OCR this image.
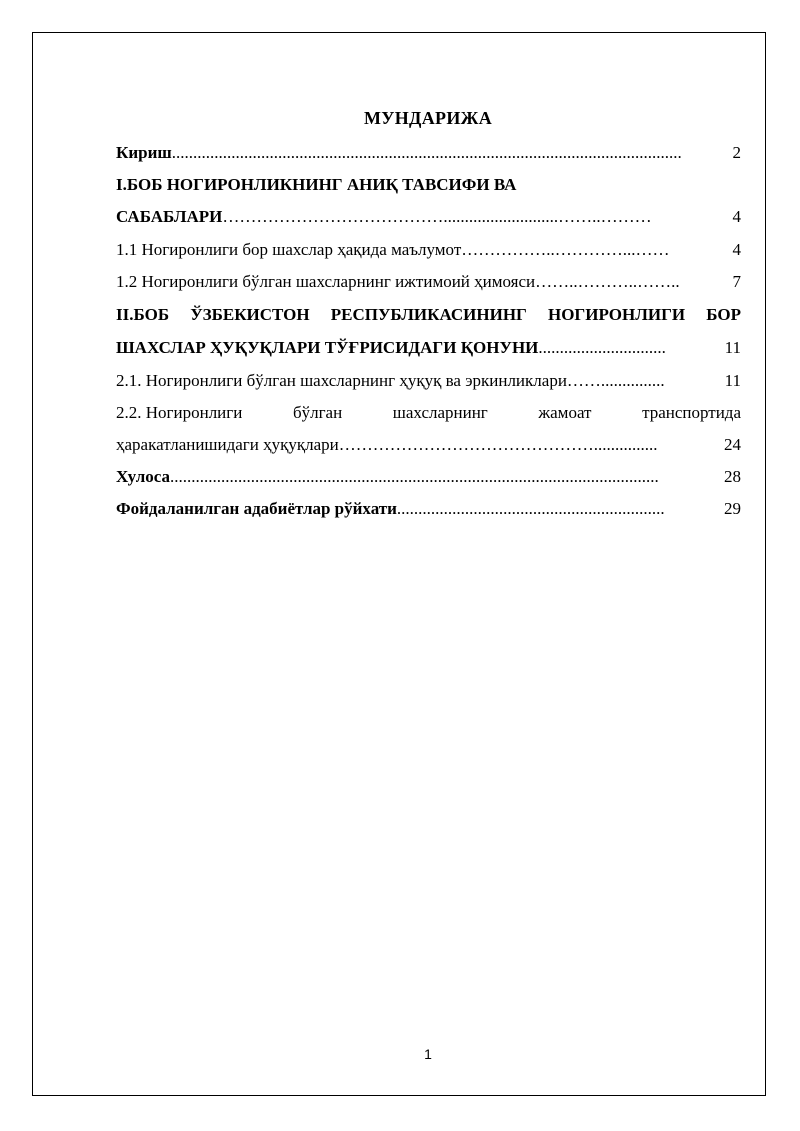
МУНДАРИЖА
Кириш ........................................................................................................................	2
I.БОБ НОГИРОНЛИКНИНГ АНИҚ ТАВСИФИ ВА
САБАБЛАРИ …………………………………...........................……..………	4
1.1 Ногиронлиги бор шахслар ҳақида маълумот ……………..…………...……	4
1.2 Ногиронлиги бўлган шахсларнинг ижтимоий ҳимояси ……..………..……..	7
II.БОБ ЎЗБЕКИСТОН РЕСПУБЛИКАСИНИНГ НОГИРОНЛИГИ БОР
ШАХСЛАР ҲУҚУҚЛАРИ ТЎҒРИСИДАГИ ҚОНУНИ ..............................	11
2.1. Ногиронлиги бўлган шахсларнинг ҳуқуқ ва эркинликлари ……...............	11
2.2. Ногиронлиги	бўлган	шахсларнинг	жамоат	транспортида
ҳаракатланишидаги ҳуқуқлари ………………………………………...............	24
Хулоса ...................................................................................................................	28
Фойдаланилган адабиётлар рўйхати ...............................................................	29
1
